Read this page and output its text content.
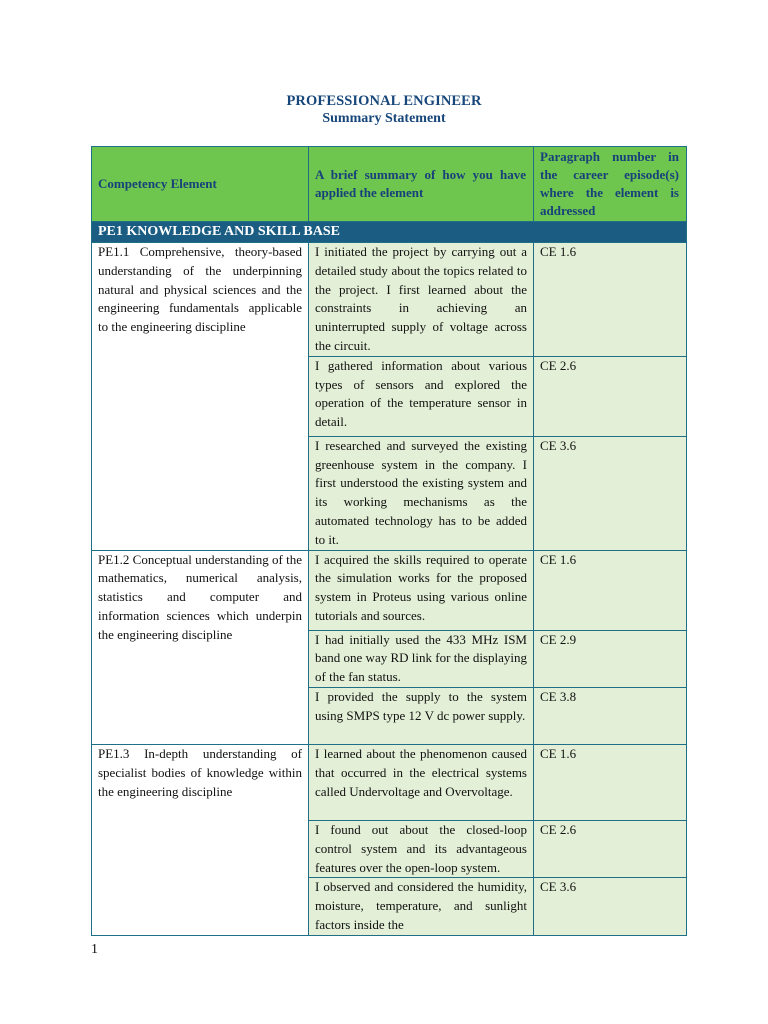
PROFESSIONAL ENGINEER
Summary Statement
Competency Element	A brief summary of how you have applied the element	Paragraph number in the career episode(s) where the element is addressed
PE1 KNOWLEDGE AND SKILL BASE		
PE1.1 Comprehensive, theory-based understanding of the underpinning natural and physical sciences and the engineering fundamentals applicable to the engineering discipline	I initiated the project by carrying out a detailed study about the topics related to the project. I first learned about the constraints in achieving an uninterrupted supply of voltage across the circuit.	CE 1.6
	I gathered information about various types of sensors and explored the operation of the temperature sensor in detail.	CE 2.6
	I researched and surveyed the existing greenhouse system in the company. I first understood the existing system and its working mechanisms as the automated technology has to be added to it.	CE 3.6
PE1.2 Conceptual understanding of the mathematics, numerical analysis, statistics and computer and information sciences which underpin the engineering discipline	I acquired the skills required to operate the simulation works for the proposed system in Proteus using various online tutorials and sources.	CE 1.6
	I had initially used the 433 MHz ISM band one way RD link for the displaying of the fan status.	CE 2.9
	I provided the supply to the system using SMPS type 12 V dc power supply.	CE 3.8
PE1.3 In-depth understanding of specialist bodies of knowledge within the engineering discipline	I learned about the phenomenon caused that occurred in the electrical systems called Undervoltage and Overvoltage.	CE 1.6
	I found out about the closed-loop control system and its advantageous features over the open-loop system.	CE 2.6
	I observed and considered the humidity, moisture, temperature, and sunlight factors inside the	CE 3.6
1
